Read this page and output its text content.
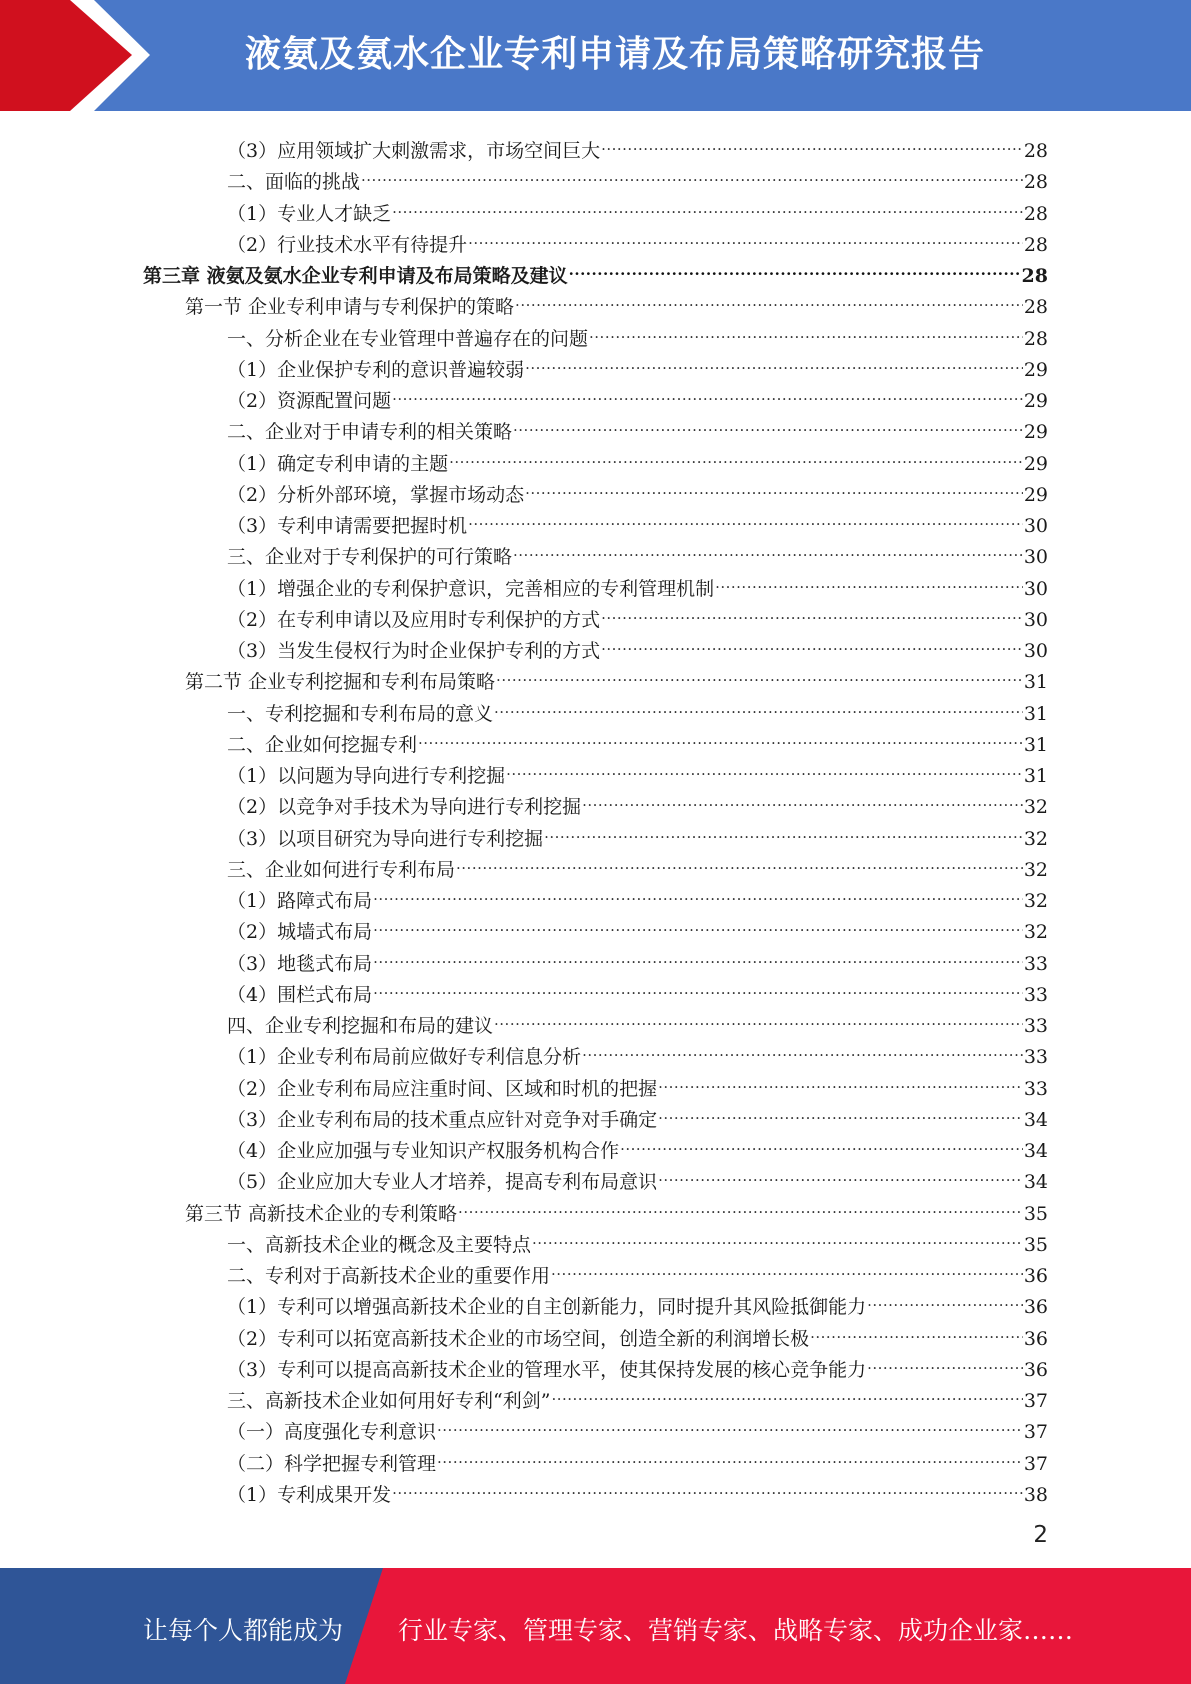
液氨及氨水企业专利申请及布局策略研究报告
（3）应用领域扩大刺激需求，市场空间巨大 .....	28
二、面临的挑战 .....	28
（1）专业人才缺乏 .....	28
（2）行业技术水平有待提升 .....	28
第三章 液氨及氨水企业专利申请及布局策略及建议 .....	28
第一节 企业专利申请与专利保护的策略 .....	28
一、分析企业在专业管理中普遍存在的问题 .....	28
（1）企业保护专利的意识普遍较弱 .....	29
（2）资源配置问题 .....	29
二、企业对于申请专利的相关策略 .....	29
（1）确定专利申请的主题 .....	29
（2）分析外部环境，掌握市场动态 .....	29
（3）专利申请需要把握时机 .....	30
三、企业对于专利保护的可行策略 .....	30
（1）增强企业的专利保护意识，完善相应的专利管理机制 .....	30
（2）在专利申请以及应用时专利保护的方式 .....	30
（3）当发生侵权行为时企业保护专利的方式 .....	30
第二节 企业专利挖掘和专利布局策略 .....	31
一、专利挖掘和专利布局的意义 .....	31
二、企业如何挖掘专利 .....	31
（1）以问题为导向进行专利挖掘 .....	31
（2）以竞争对手技术为导向进行专利挖掘 .....	32
（3）以项目研究为导向进行专利挖掘 .....	32
三、企业如何进行专利布局 .....	32
（1）路障式布局 .....	32
（2）城墙式布局 .....	32
（3）地毯式布局 .....	33
（4）围栏式布局 .....	33
四、企业专利挖掘和布局的建议 .....	33
（1）企业专利布局前应做好专利信息分析 .....	33
（2）企业专利布局应注重时间、区域和时机的把握 .....	33
（3）企业专利布局的技术重点应针对竞争对手确定 .....	34
（4）企业应加强与专业知识产权服务机构合作 .....	34
（5）企业应加大专业人才培养，提高专利布局意识 .....	34
第三节 高新技术企业的专利策略 .....	35
一、高新技术企业的概念及主要特点 .....	35
二、专利对于高新技术企业的重要作用 .....	36
（1）专利可以增强高新技术企业的自主创新能力，同时提升其风险抵御能力 .....	36
（2）专利可以拓宽高新技术企业的市场空间，创造全新的利润增长极 .....	36
（3）专利可以提高高新技术企业的管理水平，使其保持发展的核心竞争能力 .....	36
三、高新技术企业如何用好专利“利剑” .....	37
（一）高度强化专利意识 .....	37
（二）科学把握专利管理 .....	37
（1）专利成果开发 .....	38
2
让每个人都能成为 行业专家、管理专家、营销专家、战略专家、成功企业家……
